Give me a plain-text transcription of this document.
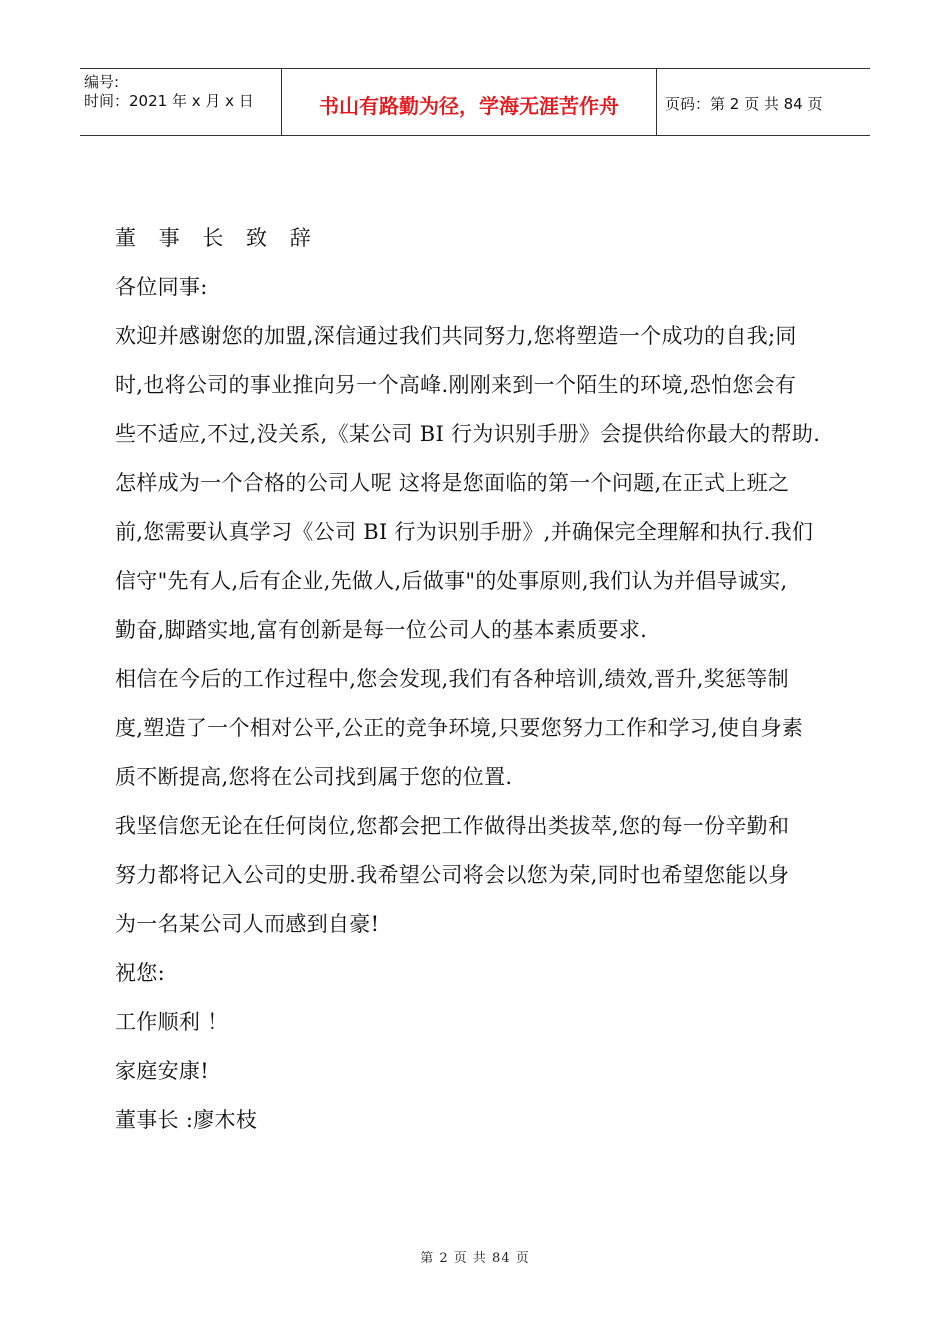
编号:
时间：2021 年 x 月 x 日	书山有路勤为径，学海无涯苦作舟	页码：第 2 页 共 84 页
董 事 长 致 辞
各位同事:
欢迎并感谢您的加盟,深信通过我们共同努力,您将塑造一个成功的自我;同
时,也将公司的事业推向另一个高峰.刚刚来到一个陌生的环境,恐怕您会有
些不适应,不过,没关系,《某公司 BI 行为识别手册》会提供给你最大的帮助.
怎样成为一个合格的公司人呢 这将是您面临的第一个问题,在正式上班之
前,您需要认真学习《公司 BI 行为识别手册》,并确保完全理解和执行.我们
信守"先有人,后有企业,先做人,后做事"的处事原则,我们认为并倡导诚实,
勤奋,脚踏实地,富有创新是每一位公司人的基本素质要求.
相信在今后的工作过程中,您会发现,我们有各种培训,绩效,晋升,奖惩等制
度,塑造了一个相对公平,公正的竞争环境,只要您努力工作和学习,使自身素
质不断提高,您将在公司找到属于您的位置.
我坚信您无论在任何岗位,您都会把工作做得出类拔萃,您的每一份辛勤和
努力都将记入公司的史册.我希望公司将会以您为荣,同时也希望您能以身
为一名某公司人而感到自豪!
祝您:
工作顺利 ！
家庭安康!
董事长 :廖木枝
第 2 页 共 84 页
